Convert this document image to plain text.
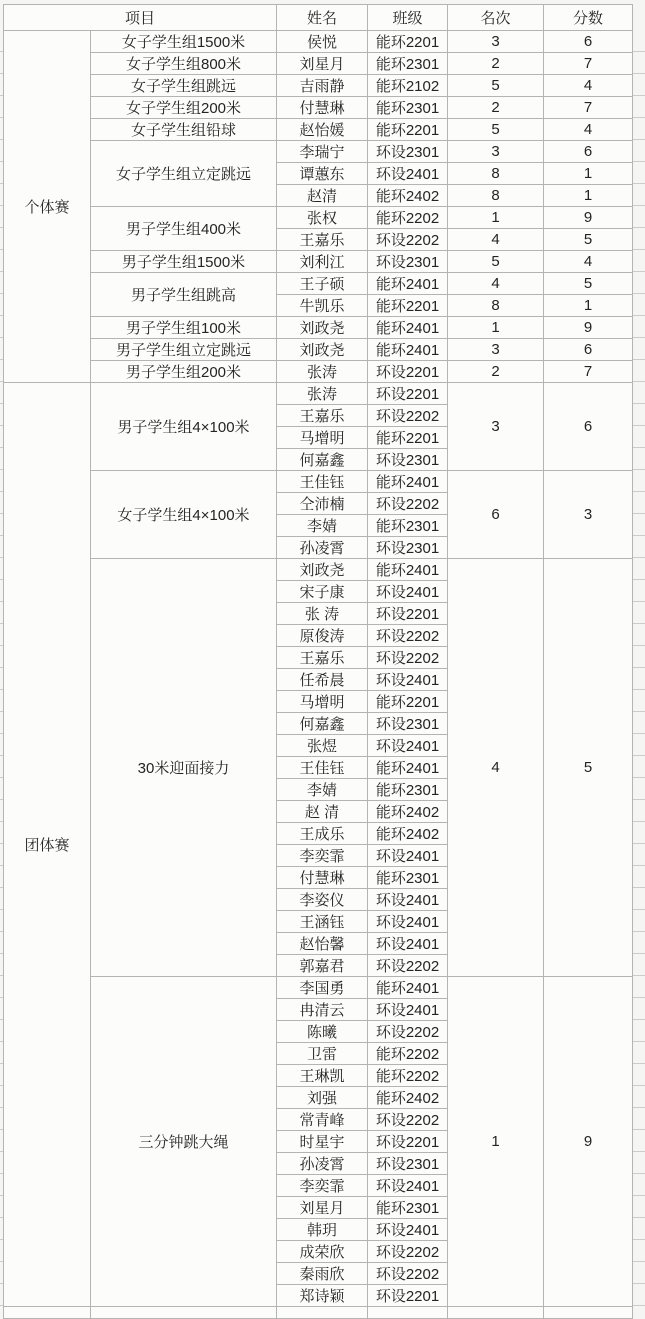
项目		姓名	班级	名次	分数
个体赛	女子学生组1500米	侯悦	能环2201	3	6
	女子学生组800米	刘星月	能环2301	2	7
	女子学生组跳远	吉雨静	能环2102	5	4
	女子学生组200米	付慧琳	能环2301	2	7
	女子学生组铅球	赵怡媛	能环2201	5	4
	女子学生组立定跳远	李瑞宁	环设2301	3	6
		谭蕙东	环设2401	8	1
		赵清	能环2402	8	1
	男子学生组400米	张权	能环2202	1	9
		王嘉乐	环设2202	4	5
	男子学生组1500米	刘利江	环设2301	5	4
	男子学生组跳高	王子硕	能环2401	4	5
		牛凯乐	能环2201	8	1
	男子学生组100米	刘政尧	能环2401	1	9
	男子学生组立定跳远	刘政尧	能环2401	3	6
	男子学生组200米	张涛	环设2201	2	7
团体赛	男子学生组4×100米	张涛	环设2201	3	6
		王嘉乐	环设2202		
		马增明	能环2201		
		何嘉鑫	环设2301		
	女子学生组4×100米	王佳钰	能环2401	6	3
		仝沛楠	环设2202		
		李婧	能环2301		
		孙凌霄	环设2301		
	30米迎面接力	刘政尧	能环2401	4	5
		宋子康	环设2401		
		张 涛	环设2201		
		原俊涛	环设2202		
		王嘉乐	环设2202		
		任希晨	环设2401		
		马增明	能环2201		
		何嘉鑫	环设2301		
		张煜	环设2401		
		王佳钰	能环2401		
		李婧	能环2301		
		赵 清	能环2402		
		王成乐	能环2402		
		李奕霏	环设2401		
		付慧琳	能环2301		
		李姿仪	环设2401		
		王涵钰	环设2401		
		赵怡馨	环设2401		
		郭嘉君	环设2202		
	三分钟跳大绳	李国勇	能环2401	1	9
		冉清云	环设2401		
		陈曦	环设2202		
		卫雷	能环2202		
		王琳凯	能环2202		
		刘强	能环2402		
		常青峰	环设2202		
		时星宇	环设2201		
		孙凌霄	环设2301		
		李奕霏	环设2401		
		刘星月	能环2301		
		韩玥	环设2401		
		成荣欣	环设2202		
		秦雨欣	环设2202		
		郑诗颖	环设2201		
